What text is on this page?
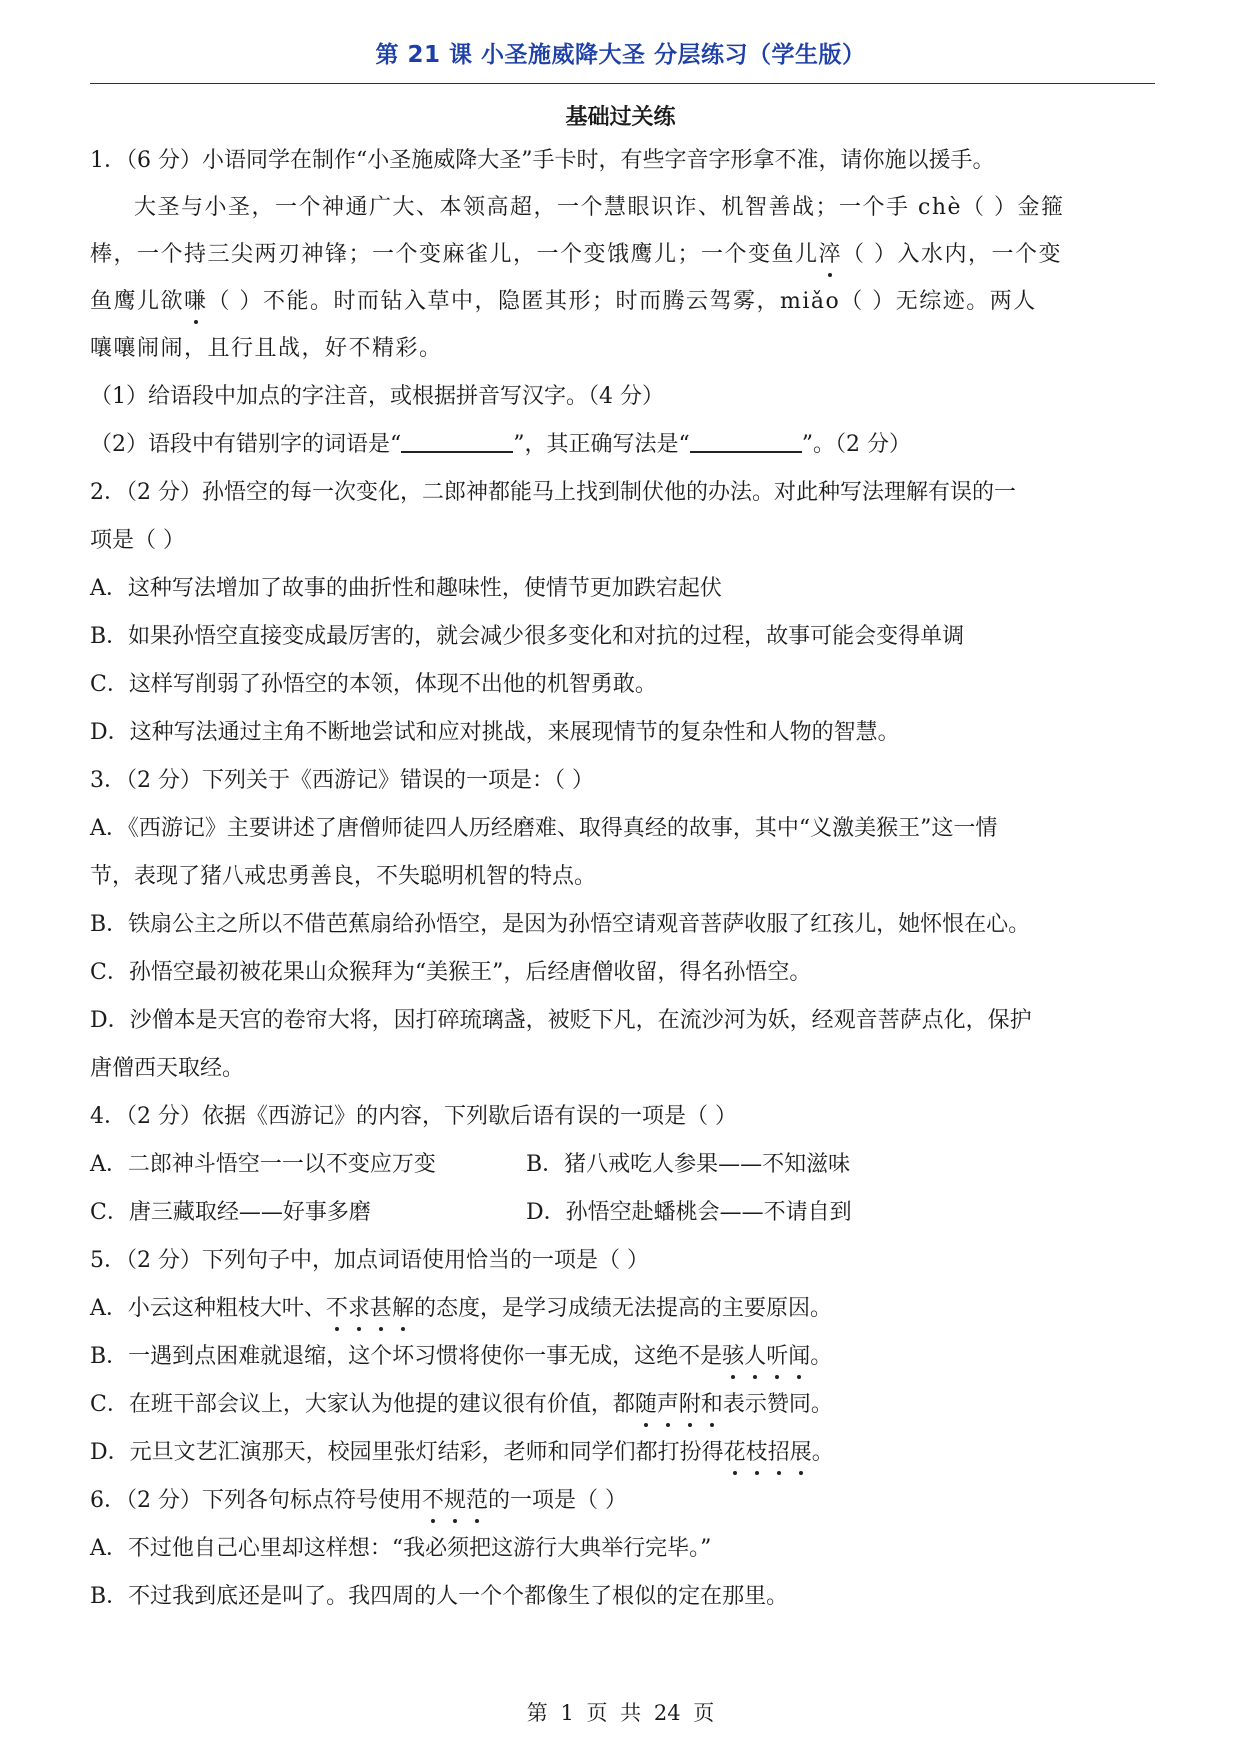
第 21 课 小圣施威降大圣 分层练习（学生版）
基础过关练
1．（6 分）小语同学在制作“小圣施威降大圣”手卡时，有些字音字形拿不准，请你施以援手。
大圣与小圣，一个神通广大、本领高超，一个慧眼识诈、机智善战；一个手 chè（ ）金箍
棒，一个持三尖两刃神锋；一个变麻雀儿，一个变饿鹰儿；一个变鱼儿淬（ ）入水内，一个变
鱼鹰儿欲嗛（ ）不能。时而钻入草中，隐匿其形；时而腾云驾雾，miǎo（ ）无综迹。两人
嚷嚷闹闹，且行且战，好不精彩。
（1）给语段中加点的字注音，或根据拼音写汉字。（4 分）
（2）语段中有错别字的词语是“	”，其正确写法是“	”。（2 分）
2．（2 分）孙悟空的每一次变化，二郎神都能马上找到制伏他的办法。对此种写法理解有误的一
项是（ ）
A．这种写法增加了故事的曲折性和趣味性，使情节更加跌宕起伏
B．如果孙悟空直接变成最厉害的，就会减少很多变化和对抗的过程，故事可能会变得单调
C．这样写削弱了孙悟空的本领，体现不出他的机智勇敢。
D．这种写法通过主角不断地尝试和应对挑战，来展现情节的复杂性和人物的智慧。
3．（2 分）下列关于《西游记》错误的一项是：（ ）
A．《西游记》主要讲述了唐僧师徒四人历经磨难、取得真经的故事，其中“义激美猴王”这一情
节，表现了猪八戒忠勇善良，不失聪明机智的特点。
B．铁扇公主之所以不借芭蕉扇给孙悟空，是因为孙悟空请观音菩萨收服了红孩儿，她怀恨在心。
C．孙悟空最初被花果山众猴拜为“美猴王”，后经唐僧收留，得名孙悟空。
D．沙僧本是天宫的卷帘大将，因打碎琉璃盏，被贬下凡，在流沙河为妖，经观音菩萨点化，保护
唐僧西天取经。
4．（2 分）依据《西游记》的内容，下列歇后语有误的一项是（ ）
A．二郎神斗悟空一一以不变应万变	B．猪八戒吃人参果——不知滋味
C．唐三藏取经——好事多磨	D．孙悟空赴蟠桃会——不请自到
5．（2 分）下列句子中，加点词语使用恰当的一项是（ ）
A．小云这种粗枝大叶、不求甚解的态度，是学习成绩无法提高的主要原因。
B．一遇到点困难就退缩，这个坏习惯将使你一事无成，这绝不是骇人听闻。
C．在班干部会议上，大家认为他提的建议很有价值，都随声附和表示赞同。
D．元旦文艺汇演那天，校园里张灯结彩，老师和同学们都打扮得花枝招展。
6．（2 分）下列各句标点符号使用不规范的一项是（ ）
A．不过他自己心里却这样想：“我必须把这游行大典举行完毕。”
B．不过我到底还是叫了。我四周的人一个个都像生了根似的定在那里。
第 1 页 共 24 页
